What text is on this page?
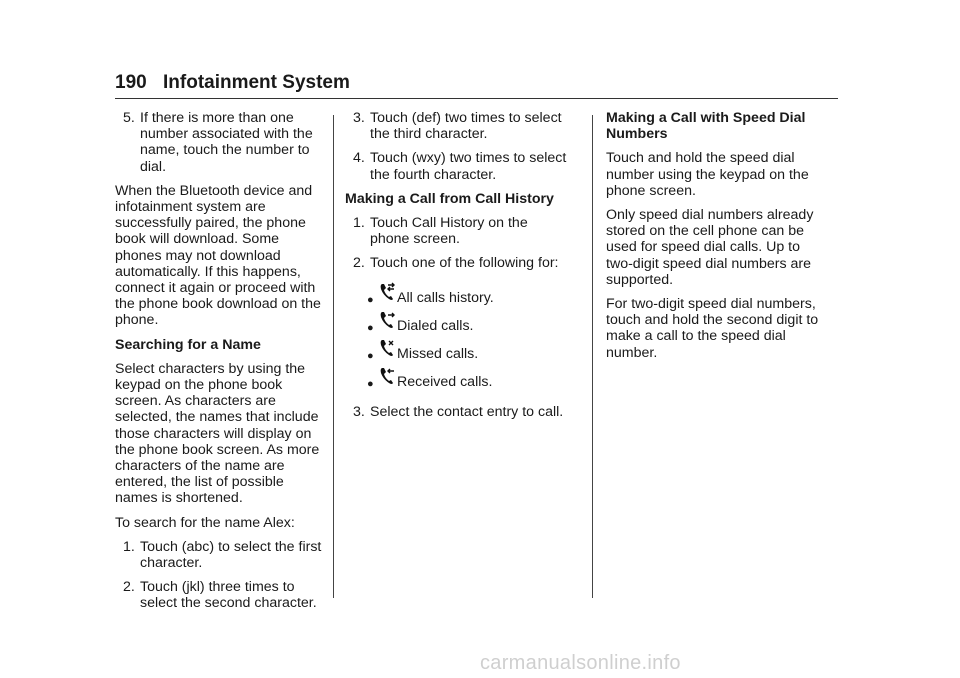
190 Infotainment System
5. If there is more than one number associated with the name, touch the number to dial.

When the Bluetooth device and infotainment system are successfully paired, the phone book will download. Some phones may not download automatically. If this happens, connect it again or proceed with the phone book download on the phone.

Searching for a Name

Select characters by using the keypad on the phone book screen. As characters are selected, the names that include those characters will display on the phone book screen. As more characters of the name are entered, the list of possible names is shortened.

To search for the name Alex:

1. Touch (abc) to select the first character.
2. Touch (jkl) three times to select the second character.
3. Touch (def) two times to select the third character.
4. Touch (wxy) two times to select the fourth character.

Making a Call from Call History

1. Touch Call History on the phone screen.
2. Touch one of the following for:
● All calls history.
● Dialed calls.
● Missed calls.
● Received calls.
3. Select the contact entry to call.

Making a Call with Speed Dial Numbers

Touch and hold the speed dial number using the keypad on the phone screen.

Only speed dial numbers already stored on the cell phone can be used for speed dial calls. Up to two-digit speed dial numbers are supported.

For two-digit speed dial numbers, touch and hold the second digit to make a call to the speed dial number.

carmanualsonline.info
